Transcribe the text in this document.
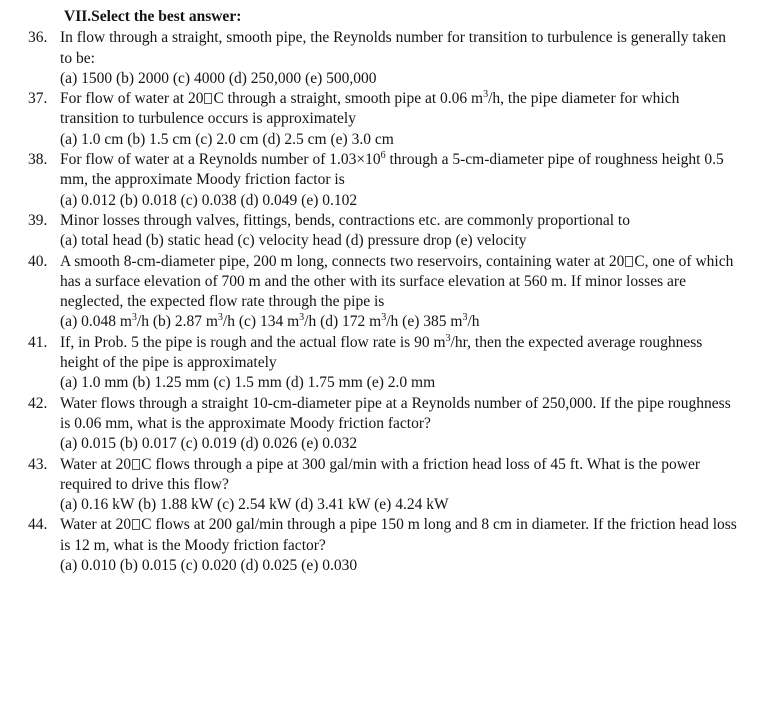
VII.Select the best answer:
36. In flow through a straight, smooth pipe, the Reynolds number for transition to turbulence is generally taken to be:
(a) 1500 (b) 2000 (c) 4000 (d) 250,000 (e) 500,000
37. For flow of water at 20 C through a straight, smooth pipe at 0.06 $m^3/h$, the pipe diameter for which transition to turbulence occurs is approximately
(a) 1.0 cm (b) 1.5 cm (c) 2.0 cm (d) 2.5 cm (e) 3.0 cm
38. For flow of water at a Reynolds number of $1.03\times 10^6$ through a 5-cm-diameter pipe of roughness height 0.5 mm, the approximate Moody friction factor is
(a) 0.012 (b) 0.018 (c) 0.038 (d) 0.049 (e) 0.102
39. Minor losses through valves, fittings, bends, contractions etc. are commonly proportional to
(a) total head (b) static head (c) velocity head (d) pressure drop (e) velocity
40. A smooth 8-cm-diameter pipe, 200 m long, connects two reservoirs, containing water at 20 C, one of which has a surface elevation of 700 m and the other with its surface elevation at 560 m. If minor losses are neglected, the expected flow rate through the pipe is
(a) 0.048 $m^3/h$ (b) 2.87 $m^3/h$ (c) 134 $m^3/h$ (d) 172 $m^3/h$ (e) 385 $m^3/h$
41. If, in Prob. 5 the pipe is rough and the actual flow rate is 90 $m^3/hr$, then the expected average roughness height of the pipe is approximately
(a) 1.0 mm (b) 1.25 mm (c) 1.5 mm (d) 1.75 mm (e) 2.0 mm
42. Water flows through a straight 10-cm-diameter pipe at a Reynolds number of 250,000. If the pipe roughness is 0.06 mm, what is the approximate Moody friction factor?
(a) 0.015 (b) 0.017 (c) 0.019 (d) 0.026 (e) 0.032
43. Water at 20 C flows through a pipe at 300 gal/min with a friction head loss of 45 ft. What is the power required to drive this flow?
(a) 0.16 kW (b) 1.88 kW (c) 2.54 kW (d) 3.41 kW (e) 4.24 kW
44. Water at 20 C flows at 200 gal/min through a pipe 150 m long and 8 cm in diameter. If the friction head loss is 12 m, what is the Moody friction factor?
(a) 0.010 (b) 0.015 (c) 0.020 (d) 0.025 (e) 0.030
